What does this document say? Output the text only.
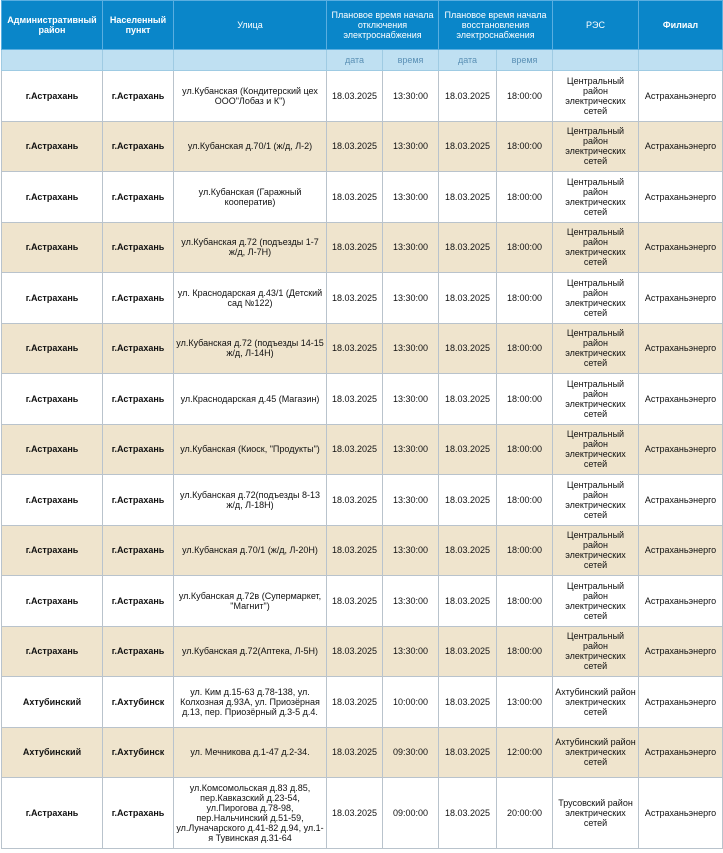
Административный район	Населенный пункт	Улица	Плановое время начала отключения электроснабжения		Плановое время начала восстановления электроснабжения		РЭС	Филиал
			дата	время	дата	время		
г.Астрахань	г.Астрахань	ул.Кубанская (Кондитерский цех ООО"Лобаз и К")	18.03.2025	13:30:00	18.03.2025	18:00:00	Центральный район электрических сетей	Астраханьэнерго
г.Астрахань	г.Астрахань	ул.Кубанская д.70/1 (ж/д, Л-2)	18.03.2025	13:30:00	18.03.2025	18:00:00	Центральный район электрических сетей	Астраханьэнерго
г.Астрахань	г.Астрахань	ул.Кубанская (Гаражный кооператив)	18.03.2025	13:30:00	18.03.2025	18:00:00	Центральный район электрических сетей	Астраханьэнерго
г.Астрахань	г.Астрахань	ул.Кубанская д.72 (подъезды 1-7 ж/д, Л-7Н)	18.03.2025	13:30:00	18.03.2025	18:00:00	Центральный район электрических сетей	Астраханьэнерго
г.Астрахань	г.Астрахань	ул. Краснодарская д.43/1 (Детский сад №122)	18.03.2025	13:30:00	18.03.2025	18:00:00	Центральный район электрических сетей	Астраханьэнерго
г.Астрахань	г.Астрахань	ул.Кубанская д.72 (подъезды 14-15 ж/д, Л-14Н)	18.03.2025	13:30:00	18.03.2025	18:00:00	Центральный район электрических сетей	Астраханьэнерго
г.Астрахань	г.Астрахань	ул.Краснодарская д.45 (Магазин)	18.03.2025	13:30:00	18.03.2025	18:00:00	Центральный район электрических сетей	Астраханьэнерго
г.Астрахань	г.Астрахань	ул.Кубанская (Киоск, "Продукты")	18.03.2025	13:30:00	18.03.2025	18:00:00	Центральный район электрических сетей	Астраханьэнерго
г.Астрахань	г.Астрахань	ул.Кубанская д.72(подъезды 8-13 ж/д, Л-18Н)	18.03.2025	13:30:00	18.03.2025	18:00:00	Центральный район электрических сетей	Астраханьэнерго
г.Астрахань	г.Астрахань	ул.Кубанская д.70/1 (ж/д, Л-20Н)	18.03.2025	13:30:00	18.03.2025	18:00:00	Центральный район электрических сетей	Астраханьэнерго
г.Астрахань	г.Астрахань	ул.Кубанская д.72в (Супермаркет, "Магнит")	18.03.2025	13:30:00	18.03.2025	18:00:00	Центральный район электрических сетей	Астраханьэнерго
г.Астрахань	г.Астрахань	ул.Кубанская д.72(Аптека, Л-5Н)	18.03.2025	13:30:00	18.03.2025	18:00:00	Центральный район электрических сетей	Астраханьэнерго
Ахтубинский	г.Ахтубинск	ул. Ким д.15-63 д.78-138, ул. Колхозная д.93А, ул. Приозёрная д.13, пер. Приозёрный д.3-5 д.4.	18.03.2025	10:00:00	18.03.2025	13:00:00	Ахтубинский район электрических сетей	Астраханьэнерго
Ахтубинский	г.Ахтубинск	ул. Мечникова д.1-47 д.2-34.	18.03.2025	09:30:00	18.03.2025	12:00:00	Ахтубинский район электрических сетей	Астраханьэнерго
г.Астрахань	г.Астрахань	ул.Комсомольская д.83 д.85, пер.Кавказский д.23-54, ул.Пирогова д.78-98, пер.Нальчинский д.51-59, ул.Луначарского д.41-82 д.94, ул.1-я Тувинская д.31-64	18.03.2025	09:00:00	18.03.2025	20:00:00	Трусовский район электрических сетей	Астраханьэнерго
